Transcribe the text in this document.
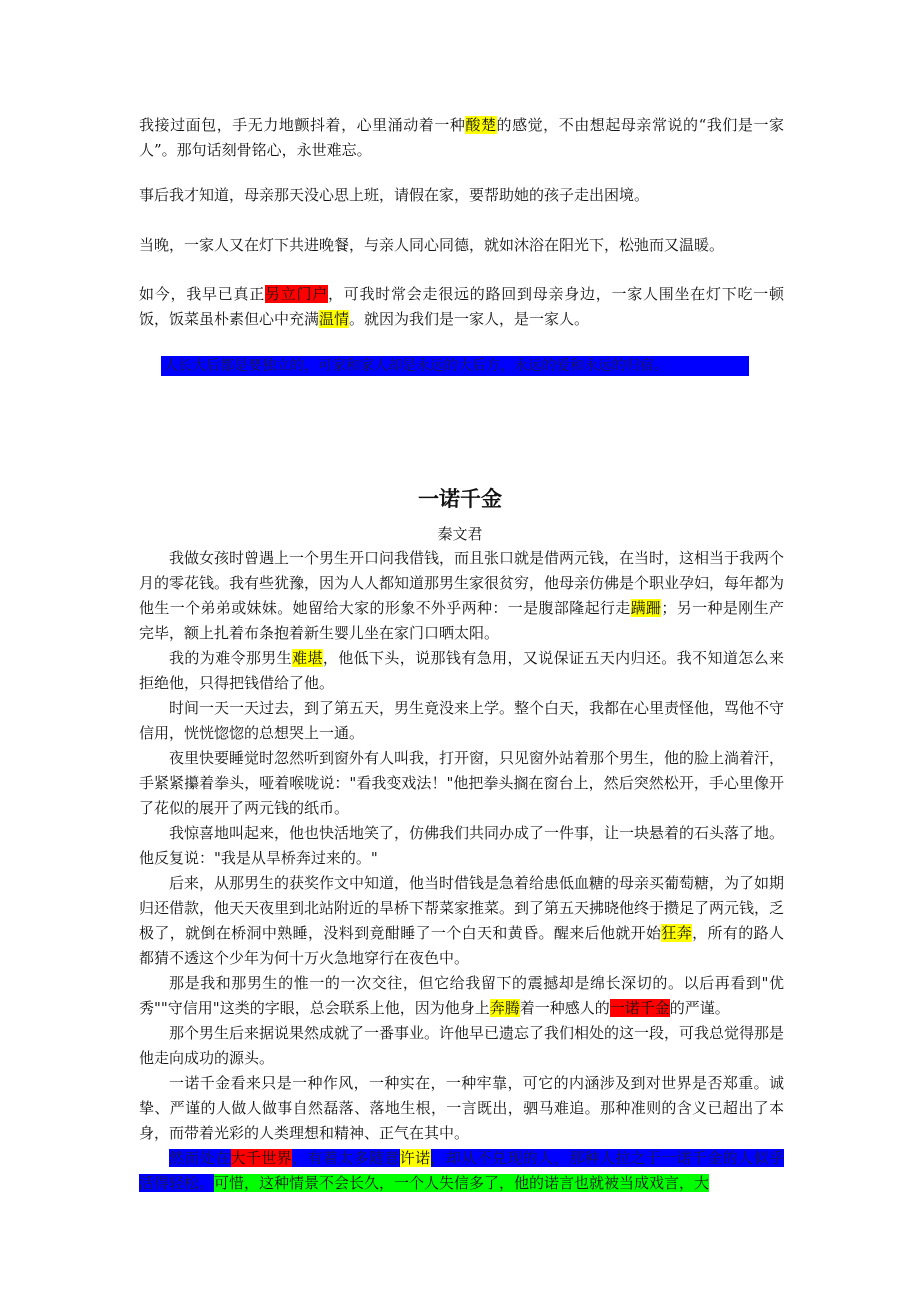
我接过面包，手无力地颤抖着，心里涌动着一种酸楚的感觉，不由想起母亲常说的“我们是一家人”。那句话刻骨铭心，永世难忘。

事后我才知道，母亲那天没心思上班，请假在家，要帮助她的孩子走出困境。

当晚，一家人又在灯下共进晚餐，与亲人同心同德，就如沐浴在阳光下，松弛而又温暖。

如今，我早已真正另立门户，可我时常会走很远的路回到母亲身边，一家人围坐在灯下吃一顿饭，饭菜虽朴素但心中充满温情。就因为我们是一家人，是一家人。

人长大后都是要独立的，可家和家人却是永远的大后方，永远的爱和永远的归宿。
一诺千金

秦文君

我做女孩时曾遇上一个男生开口问我借钱，而且张口就是借两元钱，在当时，这相当于我两个月的零花钱。我有些犹豫，因为人人都知道那男生家很贫穷，他母亲仿佛是个职业孕妇，每年都为他生一个弟弟或妹妹。她留给大家的形象不外乎两种：一是腹部隆起行走蹒跚；另一种是刚生产完毕，额上扎着布条抱着新生婴儿坐在家门口晒太阳。

我的为难令那男生难堪，他低下头，说那钱有急用，又说保证五天内归还。我不知道怎么来拒绝他，只得把钱借给了他。

时间一天一天过去，到了第五天，男生竟没来上学。整个白天，我都在心里责怪他，骂他不守信用，恍恍惚惚的总想哭上一通。

夜里快要睡觉时忽然听到窗外有人叫我，打开窗，只见窗外站着那个男生，他的脸上淌着汗，手紧紧攥着拳头，哑着喉咙说："看我变戏法！"他把拳头搁在窗台上，然后突然松开，手心里像开了花似的展开了两元钱的纸币。

我惊喜地叫起来，他也快活地笑了，仿佛我们共同办成了一件事，让一块悬着的石头落了地。他反复说："我是从旱桥奔过来的。"

后来，从那男生的获奖作文中知道，他当时借钱是急着给患低血糖的母亲买葡萄糖，为了如期归还借款，他天天夜里到北站附近的旱桥下帮菜家推菜。到了第五天拂晓他终于攒足了两元钱，乏极了，就倒在桥洞中熟睡，没料到竟酣睡了一个白天和黄昏。醒来后他就开始狂奔，所有的路人都猜不透这个少年为何十万火急地穿行在夜色中。

那是我和那男生的惟一的一次交往，但它给我留下的震撼却是绵长深切的。以后再看到"优秀""守信用"这类的字眼，总会联系上他，因为他身上奔腾着一种感人的一诺千金的严谨。

那个男生后来据说果然成就了一番事业。许他早已遗忘了我们相处的这一段，可我总觉得那是他走向成功的源头。

一诺千金看来只是一种作风，一种实在，一种牢靠，可它的内涵涉及到对世界是否郑重。诚挚、严谨的人做人做事自然磊落、落地生根，一言既出，驷马难追。那种准则的含义已超出了本身，而带着光彩的人类理想和精神、正气在其中。

然而处在大千世界，有着太多随意许诺，却从不兑现的人，那种人拉之于一诺千金的人似乎活得轻松。可惜，这种情景不会长久，一个人失信多了，他的诺言也就被当成戏言，大
